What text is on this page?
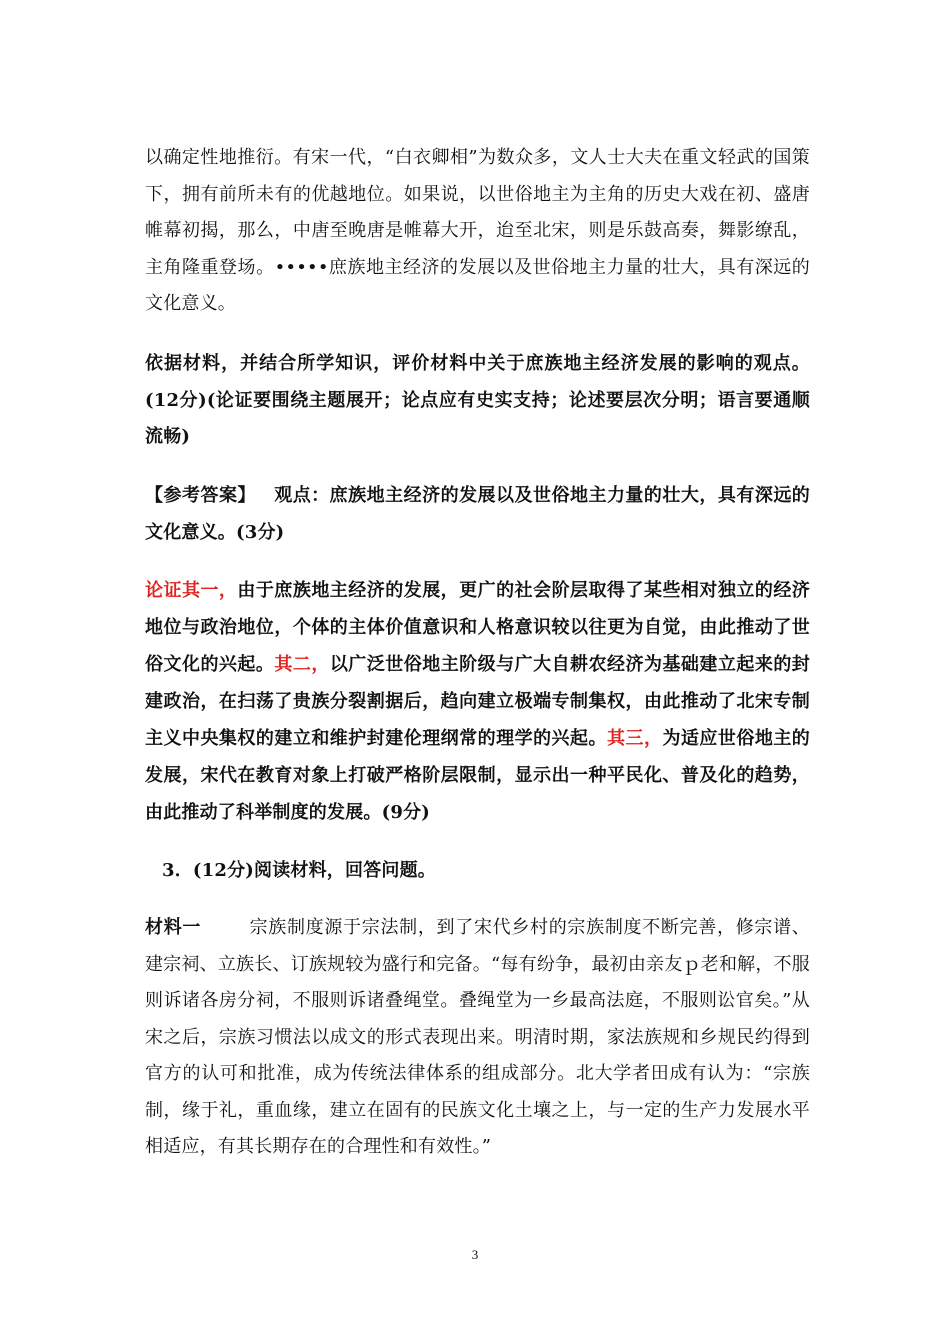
以确定性地推衍。有宋一代，“白衣卿相”为数众多，文人士大夫在重文轻武的国策下，拥有前所未有的优越地位。如果说，以世俗地主为主角的历史大戏在初、盛唐帷幕初揭，那么，中唐至晚唐是帷幕大开，迨至北宋，则是乐鼓高奏，舞影缭乱，主角隆重登场。•••••庶族地主经济的发展以及世俗地主力量的壮大，具有深远的文化意义。
依据材料，并结合所学知识，评价材料中关于庶族地主经济发展的影响的观点。(12分)(论证要围绕主题展开；论点应有史实支持；论述要层次分明；语言要通顺流畅)
【参考答案】 观点：庶族地主经济的发展以及世俗地主力量的壮大，具有深远的文化意义。(3分)
论证其一，由于庶族地主经济的发展，更广的社会阶层取得了某些相对独立的经济地位与政治地位，个体的主体价值意识和人格意识较以往更为自觉，由此推动了世俗文化的兴起。其二，以广泛世俗地主阶级与广大自耕农经济为基础建立起来的封建政治，在扫荡了贵族分裂割据后，趋向建立极端专制集权，由此推动了北宋专制主义中央集权的建立和维护封建伦理纲常的理学的兴起。其三，为适应世俗地主的发展，宋代在教育对象上打破严格阶层限制，显示出一种平民化、普及化的趋势，由此推动了科举制度的发展。(9分)
3．(12分)阅读材料，回答问题。
材料一	宗族制度源于宗法制，到了宋代乡村的宗族制度不断完善，修宗谱、建宗祠、立族长、订族规较为盛行和完备。“每有纷争，最初由亲友ｐ老和解，不服则诉诸各房分祠，不服则诉诸叠绳堂。叠绳堂为一乡最高法庭，不服则讼官矣。”从宋之后，宗族习惯法以成文的形式表现出来。明清时期，家法族规和乡规民约得到官方的认可和批准，成为传统法律体系的组成部分。北大学者田成有认为：“宗族制，缘于礼，重血缘，建立在固有的民族文化土壤之上，与一定的生产力发展水平相适应，有其长期存在的合理性和有效性。”
3
